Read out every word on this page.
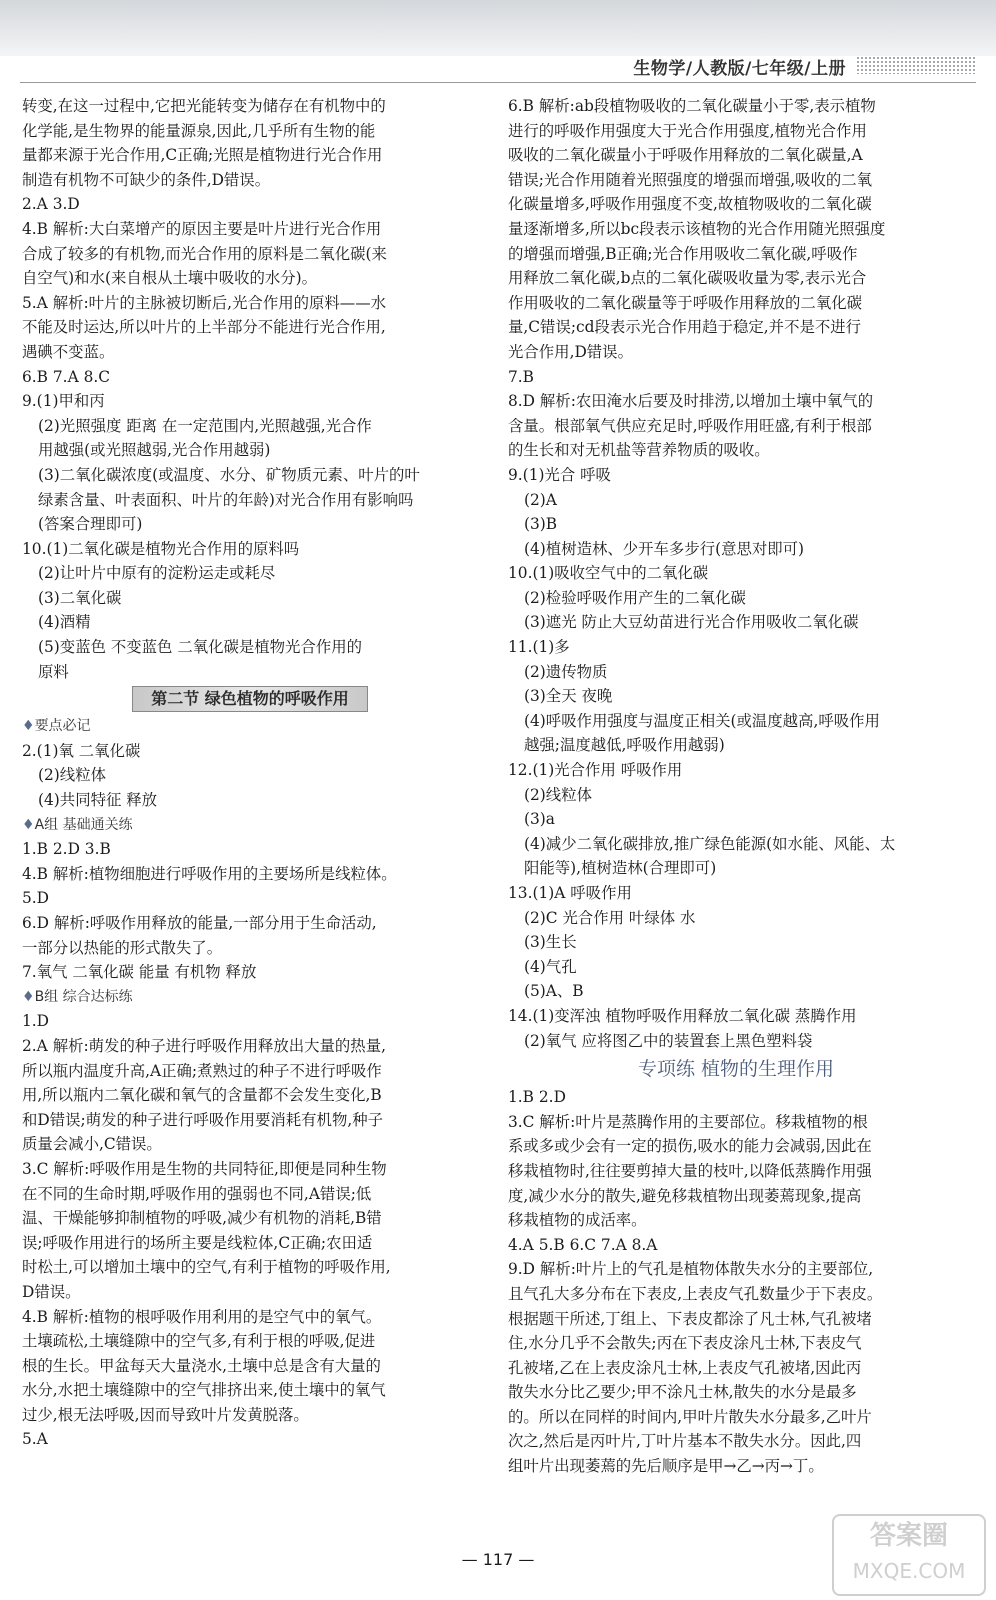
生物学/人教版/七年级/上册
转变,在这一过程中,它把光能转变为储存在有机物中的
化学能,是生物界的能量源泉,因此,几乎所有生物的能
量都来源于光合作用,C正确;光照是植物进行光合作用
制造有机物不可缺少的条件,D错误。
2.A 3.D
4.B 解析:大白菜增产的原因主要是叶片进行光合作用
合成了较多的有机物,而光合作用的原料是二氧化碳(来
自空气)和水(来自根从土壤中吸收的水分)。
5.A 解析:叶片的主脉被切断后,光合作用的原料——水
不能及时运达,所以叶片的上半部分不能进行光合作用,
遇碘不变蓝。
6.B 7.A 8.C
9.(1)甲和丙
(2)光照强度 距离 在一定范围内,光照越强,光合作
用越强(或光照越弱,光合作用越弱)
(3)二氧化碳浓度(或温度、水分、矿物质元素、叶片的叶
绿素含量、叶表面积、叶片的年龄)对光合作用有影响吗
(答案合理即可)
10.(1)二氧化碳是植物光合作用的原料吗
(2)让叶片中原有的淀粉运走或耗尽
(3)二氧化碳
(4)酒精
(5)变蓝色 不变蓝色 二氧化碳是植物光合作用的
原料
第二节 绿色植物的呼吸作用
♦要点必记
2.(1)氧 二氧化碳
(2)线粒体
(4)共同特征 释放
♦A组 基础通关练
1.B 2.D 3.B
4.B 解析:植物细胞进行呼吸作用的主要场所是线粒体。
5.D
6.D 解析:呼吸作用释放的能量,一部分用于生命活动,
一部分以热能的形式散失了。
7.氧气 二氧化碳 能量 有机物 释放
♦B组 综合达标练
1.D
2.A 解析:萌发的种子进行呼吸作用释放出大量的热量,
所以瓶内温度升高,A正确;煮熟过的种子不进行呼吸作
用,所以瓶内二氧化碳和氧气的含量都不会发生变化,B
和D错误;萌发的种子进行呼吸作用要消耗有机物,种子
质量会减小,C错误。
3.C 解析:呼吸作用是生物的共同特征,即便是同种生物
在不同的生命时期,呼吸作用的强弱也不同,A错误;低
温、干燥能够抑制植物的呼吸,减少有机物的消耗,B错
误;呼吸作用进行的场所主要是线粒体,C正确;农田适
时松土,可以增加土壤中的空气,有利于植物的呼吸作用,
D错误。
4.B 解析:植物的根呼吸作用利用的是空气中的氧气。
土壤疏松,土壤缝隙中的空气多,有利于根的呼吸,促进
根的生长。甲盆每天大量浇水,土壤中总是含有大量的
水分,水把土壤缝隙中的空气排挤出来,使土壤中的氧气
过少,根无法呼吸,因而导致叶片发黄脱落。
5.A
6.B 解析:ab段植物吸收的二氧化碳量小于零,表示植物
进行的呼吸作用强度大于光合作用强度,植物光合作用
吸收的二氧化碳量小于呼吸作用释放的二氧化碳量,A
错误;光合作用随着光照强度的增强而增强,吸收的二氧
化碳量增多,呼吸作用强度不变,故植物吸收的二氧化碳
量逐渐增多,所以bc段表示该植物的光合作用随光照强度
的增强而增强,B正确;光合作用吸收二氧化碳,呼吸作
用释放二氧化碳,b点的二氧化碳吸收量为零,表示光合
作用吸收的二氧化碳量等于呼吸作用释放的二氧化碳
量,C错误;cd段表示光合作用趋于稳定,并不是不进行
光合作用,D错误。
7.B
8.D 解析:农田淹水后要及时排涝,以增加土壤中氧气的
含量。根部氧气供应充足时,呼吸作用旺盛,有利于根部
的生长和对无机盐等营养物质的吸收。
9.(1)光合 呼吸
(2)A
(3)B
(4)植树造林、少开车多步行(意思对即可)
10.(1)吸收空气中的二氧化碳
(2)检验呼吸作用产生的二氧化碳
(3)遮光 防止大豆幼苗进行光合作用吸收二氧化碳
11.(1)多
(2)遗传物质
(3)全天 夜晚
(4)呼吸作用强度与温度正相关(或温度越高,呼吸作用
越强;温度越低,呼吸作用越弱)
12.(1)光合作用 呼吸作用
(2)线粒体
(3)a
(4)减少二氧化碳排放,推广绿色能源(如水能、风能、太
阳能等),植树造林(合理即可)
13.(1)A 呼吸作用
(2)C 光合作用 叶绿体 水
(3)生长
(4)气孔
(5)A、B
14.(1)变浑浊 植物呼吸作用释放二氧化碳 蒸腾作用
(2)氧气 应将图乙中的装置套上黑色塑料袋
专项练 植物的生理作用
1.B 2.D
3.C 解析:叶片是蒸腾作用的主要部位。移栽植物的根
系或多或少会有一定的损伤,吸水的能力会减弱,因此在
移栽植物时,往往要剪掉大量的枝叶,以降低蒸腾作用强
度,减少水分的散失,避免移栽植物出现萎蔫现象,提高
移栽植物的成活率。
4.A 5.B 6.C 7.A 8.A
9.D 解析:叶片上的气孔是植物体散失水分的主要部位,
且气孔大多分布在下表皮,上表皮气孔数量少于下表皮。
根据题干所述,丁组上、下表皮都涂了凡士林,气孔被堵
住,水分几乎不会散失;丙在下表皮涂凡士林,下表皮气
孔被堵,乙在上表皮涂凡士林,上表皮气孔被堵,因此丙
散失水分比乙要少;甲不涂凡士林,散失的水分是最多
的。所以在同样的时间内,甲叶片散失水分最多,乙叶片
次之,然后是丙叶片,丁叶片基本不散失水分。因此,四
组叶片出现萎蔫的先后顺序是甲→乙→丙→丁。
— 117 —
答案圈
MXQE.COM
